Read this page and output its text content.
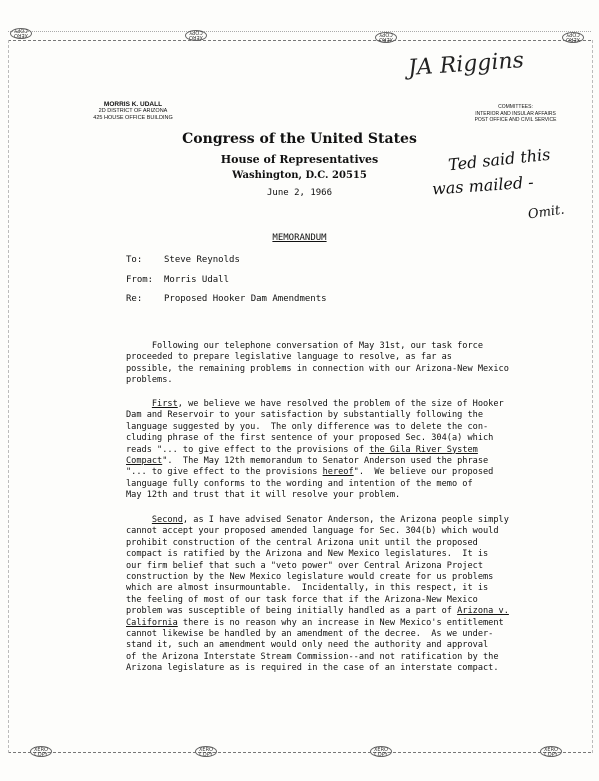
XERO
COPY
XERO
COPY
XERO
COPY
XERO
COPY
XERO
COPY
XERO
COPY
XERO
COPY
XERO
COPY
JA Riggins
Ted said this
was mailed -
Omit.
MORRIS K. UDALL
2D DISTRICT OF ARIZONA
425 HOUSE OFFICE BUILDING
COMMITTEES:
INTERIOR AND INSULAR AFFAIRS
POST OFFICE AND CIVIL SERVICE
Congress of the United States
House of Representatives
Washington, D.C. 20515
June 2, 1966
MEMORANDUM
To: Steve Reynolds
From: Morris Udall
Re: Proposed Hooker Dam Amendments
Following our telephone conversation of May 31st, our task force
proceeded to prepare legislative language to resolve, as far as
possible, the remaining problems in connection with our Arizona-New Mexico
problems.
First, we believe we have resolved the problem of the size of Hooker
Dam and Reservoir to your satisfaction by substantially following the
language suggested by you.  The only difference was to delete the con-
cluding phrase of the first sentence of your proposed Sec. 304(a) which
reads "... to give effect to the provisions of the Gila River System
Compact".  The May 12th memorandum to Senator Anderson used the phrase
"... to give effect to the provisions hereof".  We believe our proposed
language fully conforms to the wording and intention of the memo of
May 12th and trust that it will resolve your problem.
Second, as I have advised Senator Anderson, the Arizona people simply
cannot accept your proposed amended language for Sec. 304(b) which would
prohibit construction of the central Arizona unit until the proposed
compact is ratified by the Arizona and New Mexico legislatures.  It is
our firm belief that such a "veto power" over Central Arizona Project
construction by the New Mexico legislature would create for us problems
which are almost insurmountable.  Incidentally, in this respect, it is
the feeling of most of our task force that if the Arizona-New Mexico
problem was susceptible of being initially handled as a part of Arizona v.
California there is no reason why an increase in New Mexico's entitlement
cannot likewise be handled by an amendment of the decree.  As we under-
stand it, such an amendment would only need the authority and approval
of the Arizona Interstate Stream Commission--and not ratification by the
Arizona legislature as is required in the case of an interstate compact.
